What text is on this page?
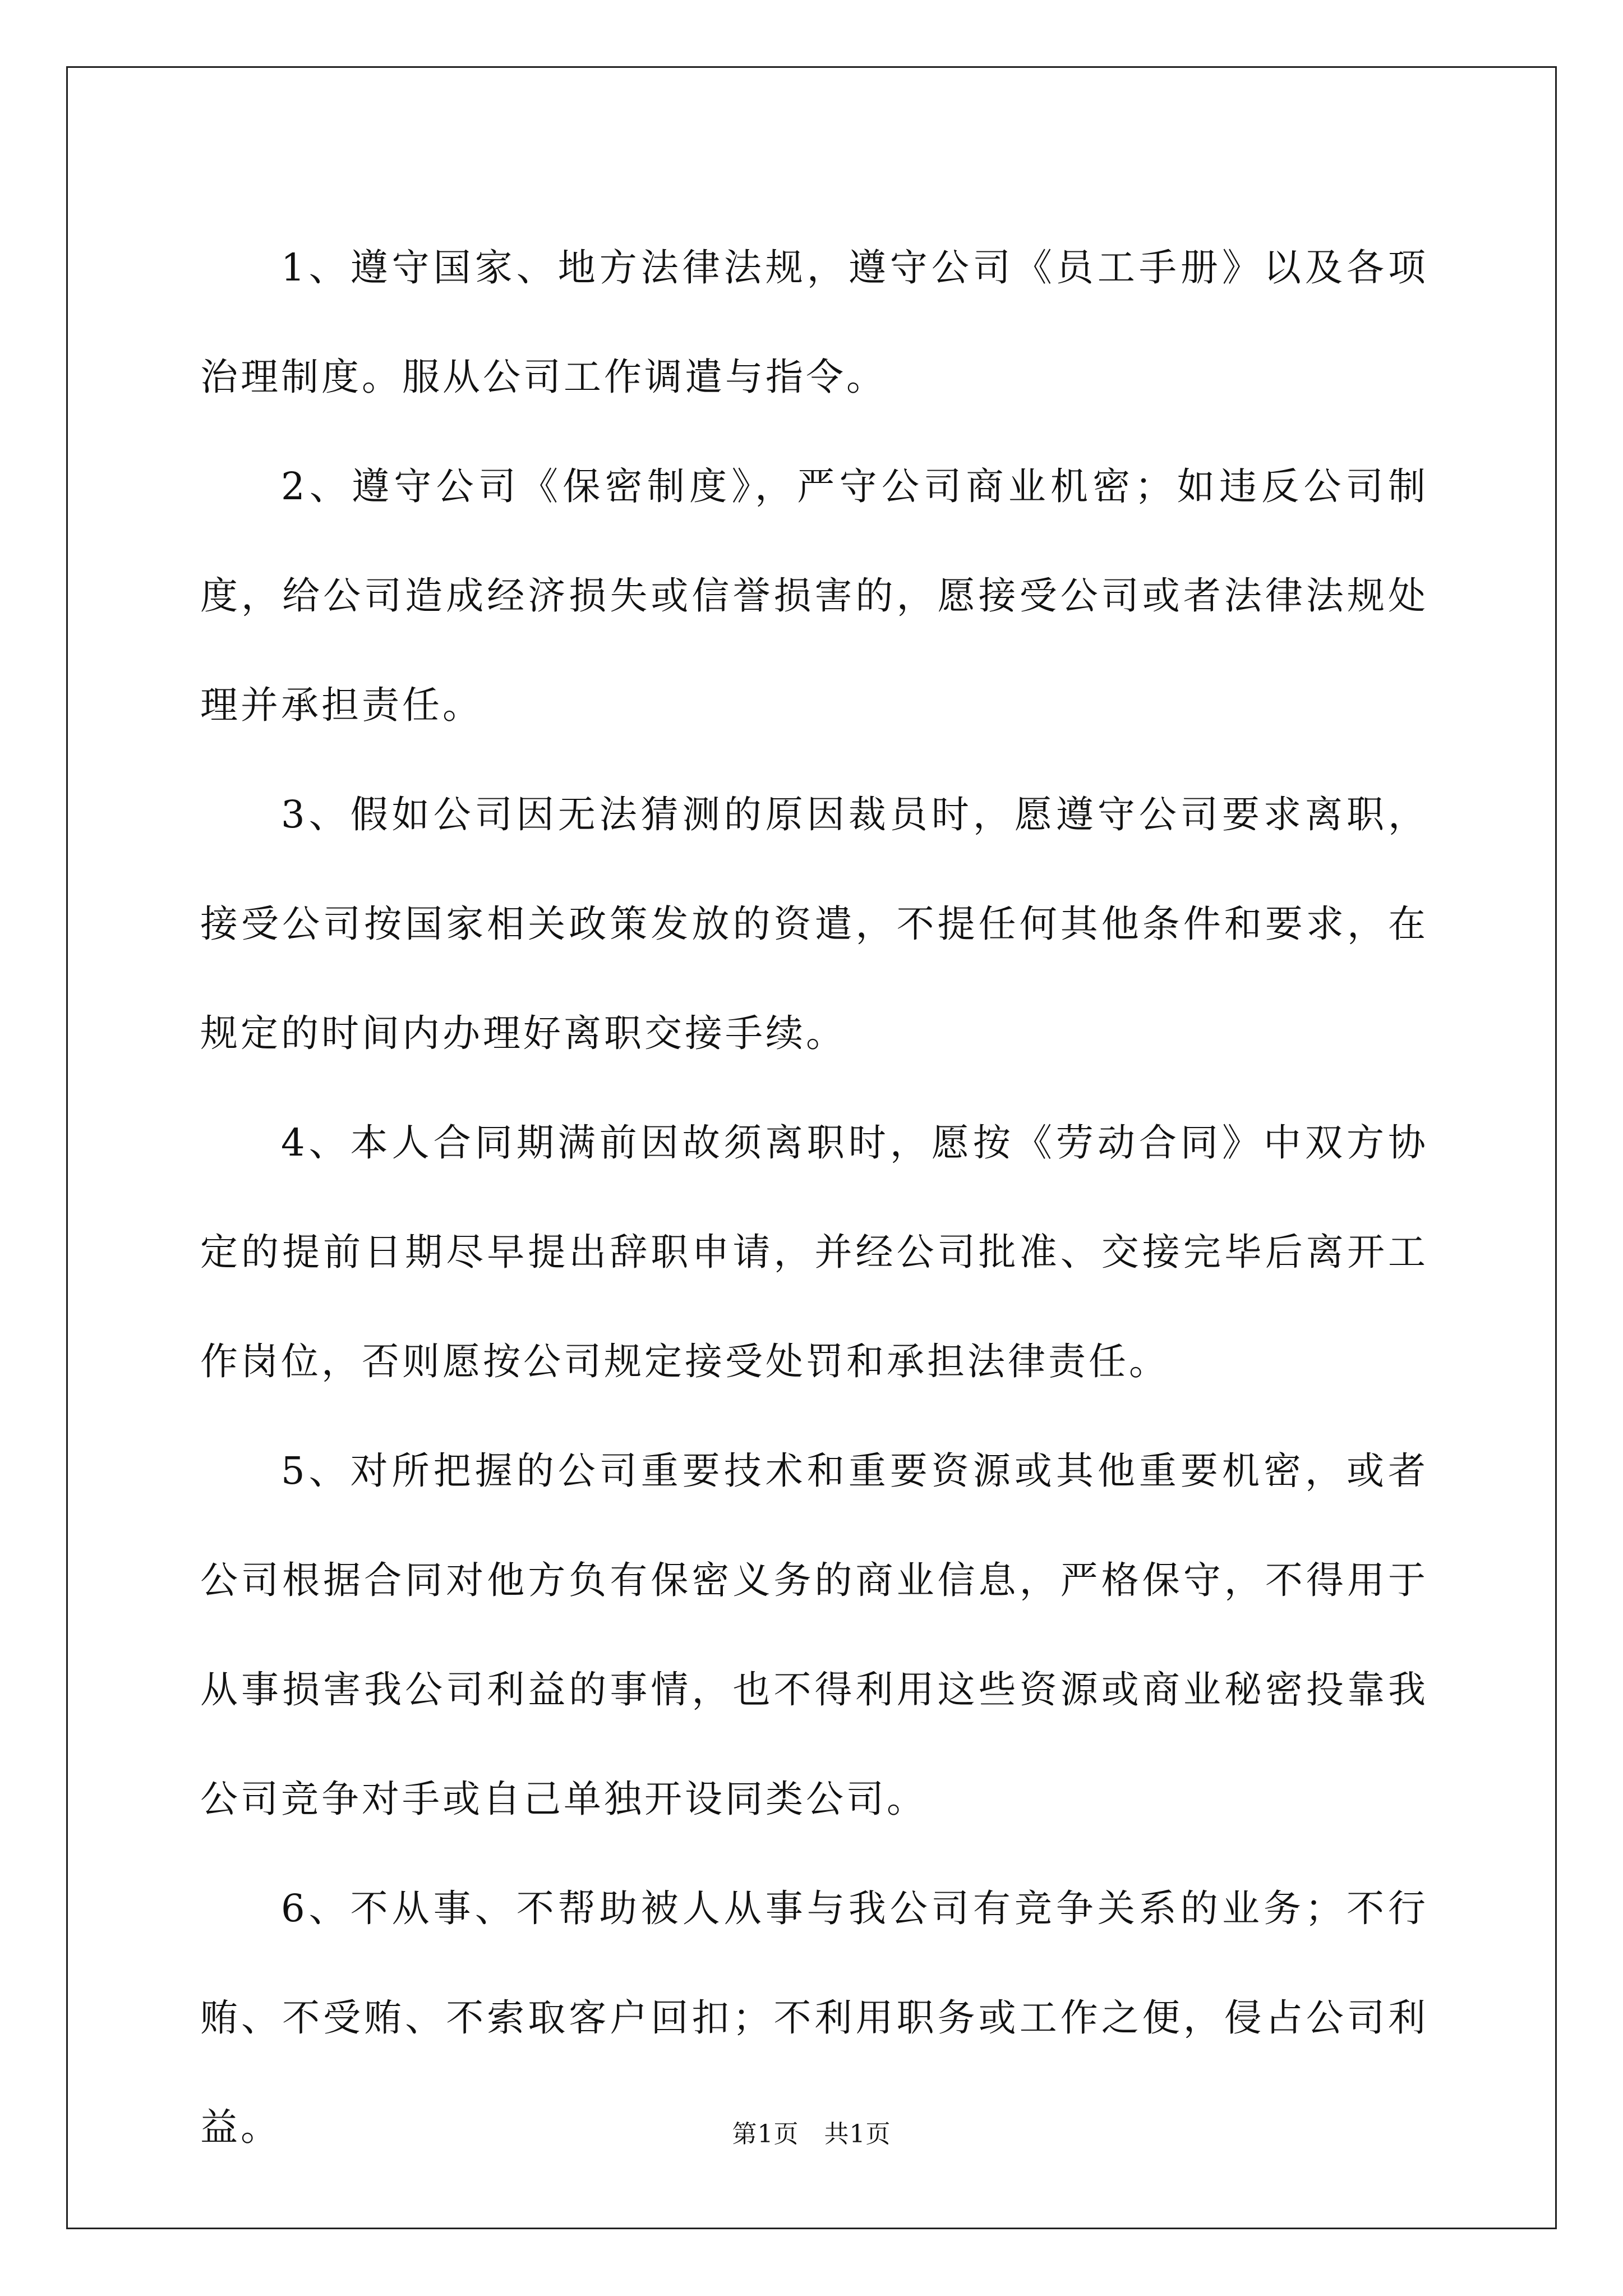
1、遵守国家、地方法律法规，遵守公司《员工手册》以及各项治理制度。服从公司工作调遣与指令。

2、遵守公司《保密制度》，严守公司商业机密；如违反公司制度，给公司造成经济损失或信誉损害的，愿接受公司或者法律法规处理并承担责任。

3、假如公司因无法猜测的原因裁员时，愿遵守公司要求离职，接受公司按国家相关政策发放的资遣，不提任何其他条件和要求，在规定的时间内办理好离职交接手续。

4、本人合同期满前因故须离职时，愿按《劳动合同》中双方协定的提前日期尽早提出辞职申请，并经公司批准、交接完毕后离开工作岗位，否则愿按公司规定接受处罚和承担法律责任。

5、对所把握的公司重要技术和重要资源或其他重要机密，或者公司根据合同对他方负有保密义务的商业信息，严格保守，不得用于从事损害我公司利益的事情，也不得利用这些资源或商业秘密投靠我公司竞争对手或自己单独开设同类公司。

6、不从事、不帮助被人从事与我公司有竞争关系的业务；不行贿、不受贿、不索取客户回扣；不利用职务或工作之便，侵占公司利益。	第1页 共1页
